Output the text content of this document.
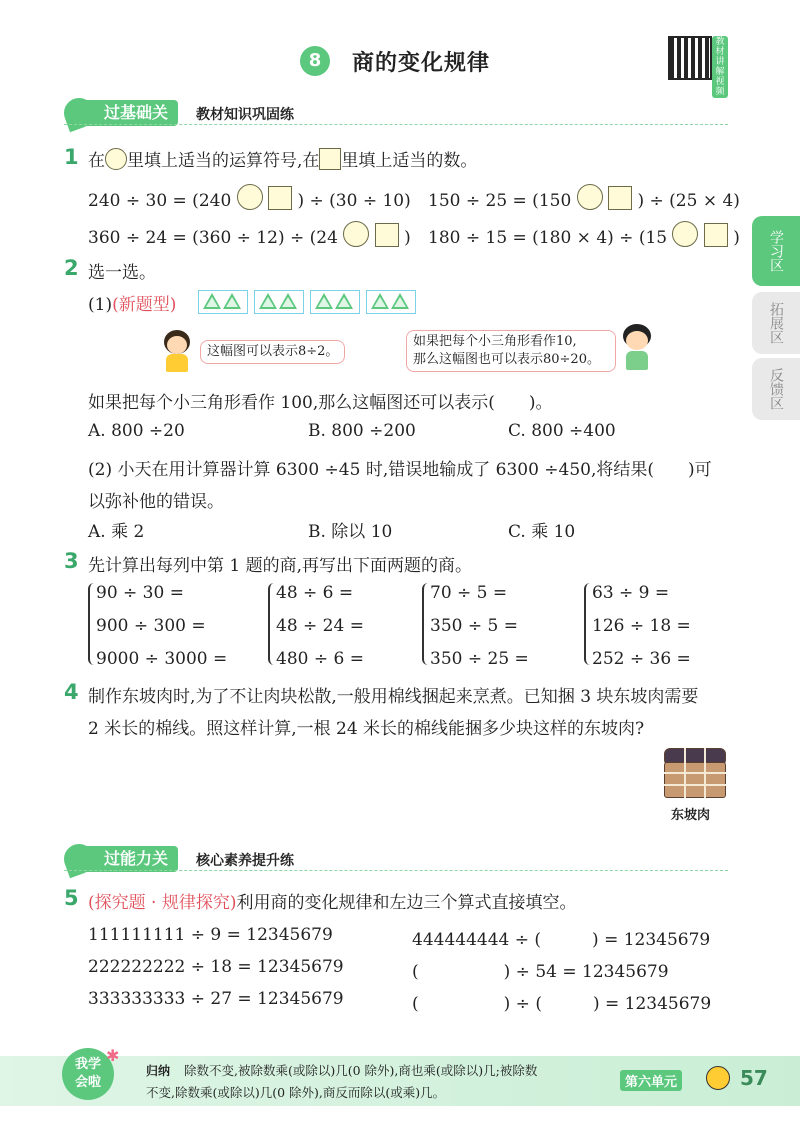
8	商的变化规律
教材讲解视频
学习区
拓展区
反馈区
过基础关	教材知识巩固练
1 在 里填上适当的运算符号,在 里填上适当的数。
240 ÷ 30 = (240	) ÷ (30 ÷ 10) 150 ÷ 25 = (150	) ÷ (25 × 4)
360 ÷ 24 = (360 ÷ 12) ÷ (24	) 180 ÷ 15 = (180 × 4) ÷ (15	)
2 选一选。
(1)(新题型)
这幅图可以表示8÷2。
如果把每个小三角形看作10,
那么这幅图也可以表示80÷20。
如果把每个小三角形看作 100,那么这幅图还可以表示(　　)。
A. 800 ÷20	B. 800 ÷200	C. 800 ÷400
(2) 小天在用计算器计算 6300 ÷45 时,错误地输成了 6300 ÷450,将结果(　　)可
以弥补他的错误。
A. 乘 2	B. 除以 10	C. 乘 10
3 先计算出每列中第 1 题的商,再写出下面两题的商。
90 ÷ 30 =
900 ÷ 300 =
9000 ÷ 3000 =
48 ÷ 6 =
48 ÷ 24 =
480 ÷ 6 =
70 ÷ 5 =
350 ÷ 5 =
350 ÷ 25 =
63 ÷ 9 =
126 ÷ 18 =
252 ÷ 36 =
4 制作东坡肉时,为了不让肉块松散,一般用棉线捆起来烹煮。已知捆 3 块东坡肉需要
2 米长的棉线。照这样计算,一根 24 米长的棉线能捆多少块这样的东坡肉?
东坡肉
过能力关	核心素养提升练
5 (探究题 · 规律探究)利用商的变化规律和左边三个算式直接填空。
111111111 ÷ 9 = 12345679
222222222 ÷ 18 = 12345679
333333333 ÷ 27 = 12345679
444444444 ÷ (　　　) = 12345679
(　　　　　) ÷ 54 = 12345679
(　　　　　) ÷ (　　　) = 12345679
我学
会啦
✱
归纳 除数不变,被除数乘(或除以)几(0 除外),商也乘(或除以)几;被除数
不变,除数乘(或除以)几(0 除外),商反而除以(或乘)几。
第六单元	57
